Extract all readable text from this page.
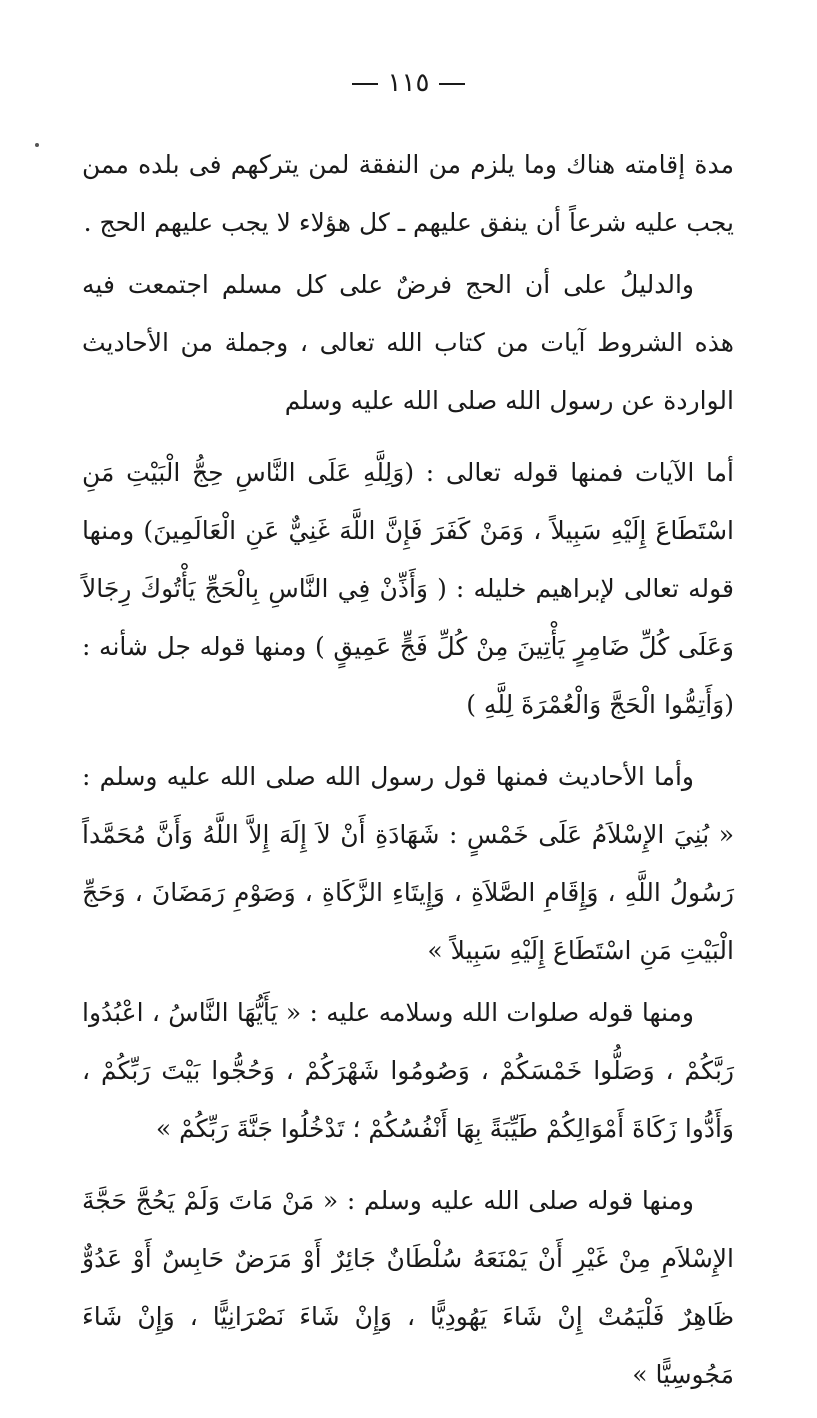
١١٥

مدة إقامته هناك وما يلزم من النفقة لمن يتركهم فى بلده ممن يجب عليه شرعاً أن ينفق عليهم ـ كل هؤلاء لا يجب عليهم الحج .

والدليلُ على أن الحج فرضٌ على كل مسلم اجتمعت فيه هذه الشروط آيات من كتاب الله تعالى ، وجملة من الأحاديث الواردة عن رسول الله صلى الله عليه وسلم

أما الآيات فمنها قوله تعالى : (وَلِلَّهِ عَلَى النَّاسِ حِجُّ الْبَيْتِ مَنِ اسْتَطَاعَ إِلَيْهِ سَبِيلاً ، وَمَنْ كَفَرَ فَإِنَّ اللَّهَ غَنِيٌّ عَنِ الْعَالَمِينَ) ومنها قوله تعالى لإبراهيم خليله : ( وَأَذِّنْ فِي النَّاسِ بِالْحَجِّ يَأْتُوكَ رِجَالاً وَعَلَى كُلِّ ضَامِرٍ يَأْتِينَ مِنْ كُلِّ فَجٍّ عَمِيقٍ ) ومنها قوله جل شأنه : (وَأَتِمُّوا الْحَجَّ وَالْعُمْرَةَ لِلَّهِ )

وأما الأحاديث فمنها قول رسول الله صلى الله عليه وسلم : « بُنِيَ الإِسْلاَمُ عَلَى خَمْسٍ : شَهَادَةِ أَنْ لاَ إِلَهَ إِلاَّ اللَّهُ وَأَنَّ مُحَمَّداً رَسُولُ اللَّهِ ، وَإِقَامِ الصَّلاَةِ ، وَإِيتَاءِ الزَّكَاةِ ، وَصَوْمِ رَمَضَانَ ، وَحَجِّ الْبَيْتِ مَنِ اسْتَطَاعَ إِلَيْهِ سَبِيلاً »

ومنها قوله صلوات الله وسلامه عليه : « يَأَيُّهَا النَّاسُ ، اعْبُدُوا رَبَّكُمْ ، وَصَلُّوا خَمْسَكُمْ ، وَصُومُوا شَهْرَكُمْ ، وَحُجُّوا بَيْتَ رَبِّكُمْ ، وَأَدُّوا زَكَاةَ أَمْوَالِكُمْ طَيِّبَةً بِهَا أَنْفُسُكُمْ ؛ تَدْخُلُوا جَنَّةَ رَبِّكُمْ »

ومنها قوله صلى الله عليه وسلم : « مَنْ مَاتَ وَلَمْ يَحُجَّ حَجَّةَ الإِسْلاَمِ مِنْ غَيْرِ أَنْ يَمْنَعَهُ سُلْطَانٌ جَائِرٌ أَوْ مَرَضٌ حَابِسٌ أَوْ عَدُوٌّ ظَاهِرٌ فَلْيَمُتْ إِنْ شَاءَ يَهُودِيًّا ، وَإِنْ شَاءَ نَصْرَانِيًّا ، وَإِنْ شَاءَ مَجُوسِيًّا »
